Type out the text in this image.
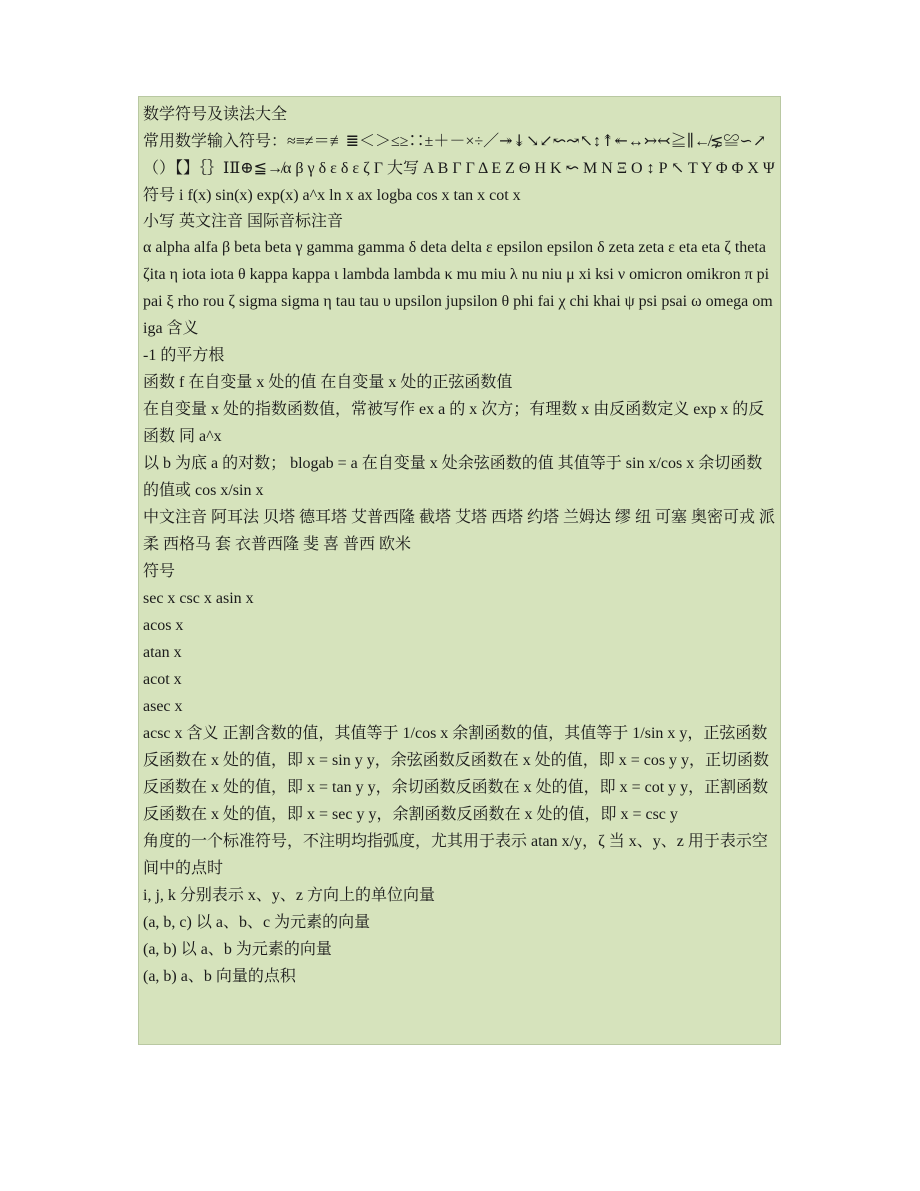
数学符号及读法大全

常用数学输入符号：≈≡≠＝≢≣＜＞≤≥∷±＋－×÷／↠↡↘↙↜↝↖↕↟↞↔↣↢≧∥↚⋦≌∽↗（）【】｛｝ⅠⅡ⊕≦↛α β γ δ ε δ ε ζ Γ 大写 A B Γ Γ Δ E Z Θ H K ↜ M N Ξ O ↕ P ↖ T Y Φ Φ X Ψ 符号 i f(x) sin(x) exp(x) a^x ln x ax logba cos x tan x cot x

小写 英文注音 国际音标注音

α alpha alfa β beta beta γ gamma gamma δ deta delta ε epsilon epsilon δ zeta zeta ε eta eta ζ theta ζita η iota iota θ kappa kappa ι lambda lambda κ mu miu λ nu niu μ xi ksi ν omicron omikron π pi pai ξ rho rou ζ sigma sigma η tau tau υ upsilon jupsilon θ phi fai χ chi khai ψ psi psai ω omega omiga 含义

-1 的平方根

函数 f 在自变量 x 处的值 在自变量 x 处的正弦函数值

在自变量 x 处的指数函数值，常被写作 ex a 的 x 次方；有理数 x 由反函数定义 exp x 的反函数 同 a^x

以 b 为底 a 的对数； blogab = a 在自变量 x 处余弦函数的值 其值等于 sin x/cos x 余切函数的值或 cos x/sin x

中文注音 阿耳法 贝塔 德耳塔 艾普西隆 截塔 艾塔 西塔 约塔 兰姆达 缪 纽 可塞 奥密可戎 派 柔 西格马 套 衣普西隆 斐 喜 普西 欧米

符号

sec x csc x asin x

acos x

atan x

acot x

asec x

acsc x 含义 正割含数的值，其值等于 1/cos x 余割函数的值，其值等于 1/sin x y，正弦函数反函数在 x 处的值，即 x = sin y y，余弦函数反函数在 x 处的值，即 x = cos y y，正切函数反函数在 x 处的值，即 x = tan y y，余切函数反函数在 x 处的值，即 x = cot y y，正割函数反函数在 x 处的值，即 x = sec y y，余割函数反函数在 x 处的值，即 x = csc y

角度的一个标准符号，不注明均指弧度，尤其用于表示 atan x/y，ζ 当 x、y、z 用于表示空间中的点时

i, j, k 分别表示 x、y、z 方向上的单位向量

(a, b, c) 以 a、b、c 为元素的向量

(a, b) 以 a、b 为元素的向量

(a, b) a、b 向量的点积
